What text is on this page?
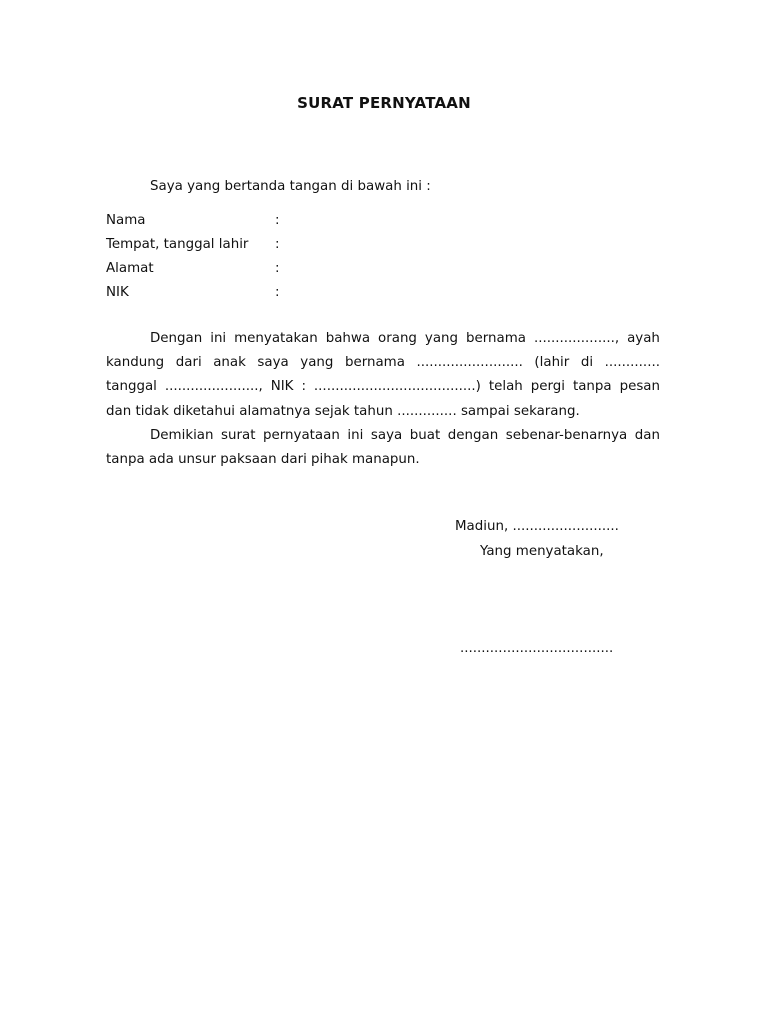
SURAT PERNYATAAN

Saya yang bertanda tangan di bawah ini :

Nama	:
Tempat, tanggal lahir	:
Alamat	:
NIK	:
Dengan ini menyatakan bahwa orang yang bernama ..................., ayah
kandung dari anak saya yang bernama ......................... (lahir di .............
tanggal ......................, NIK : ......................................) telah pergi tanpa pesan
dan tidak diketahui alamatnya sejak tahun .............. sampai sekarang.
Demikian surat pernyataan ini saya buat dengan sebenar-benarnya dan
tanpa ada unsur paksaan dari pihak manapun.

Madiun, .........................

Yang menyatakan,

....................................
